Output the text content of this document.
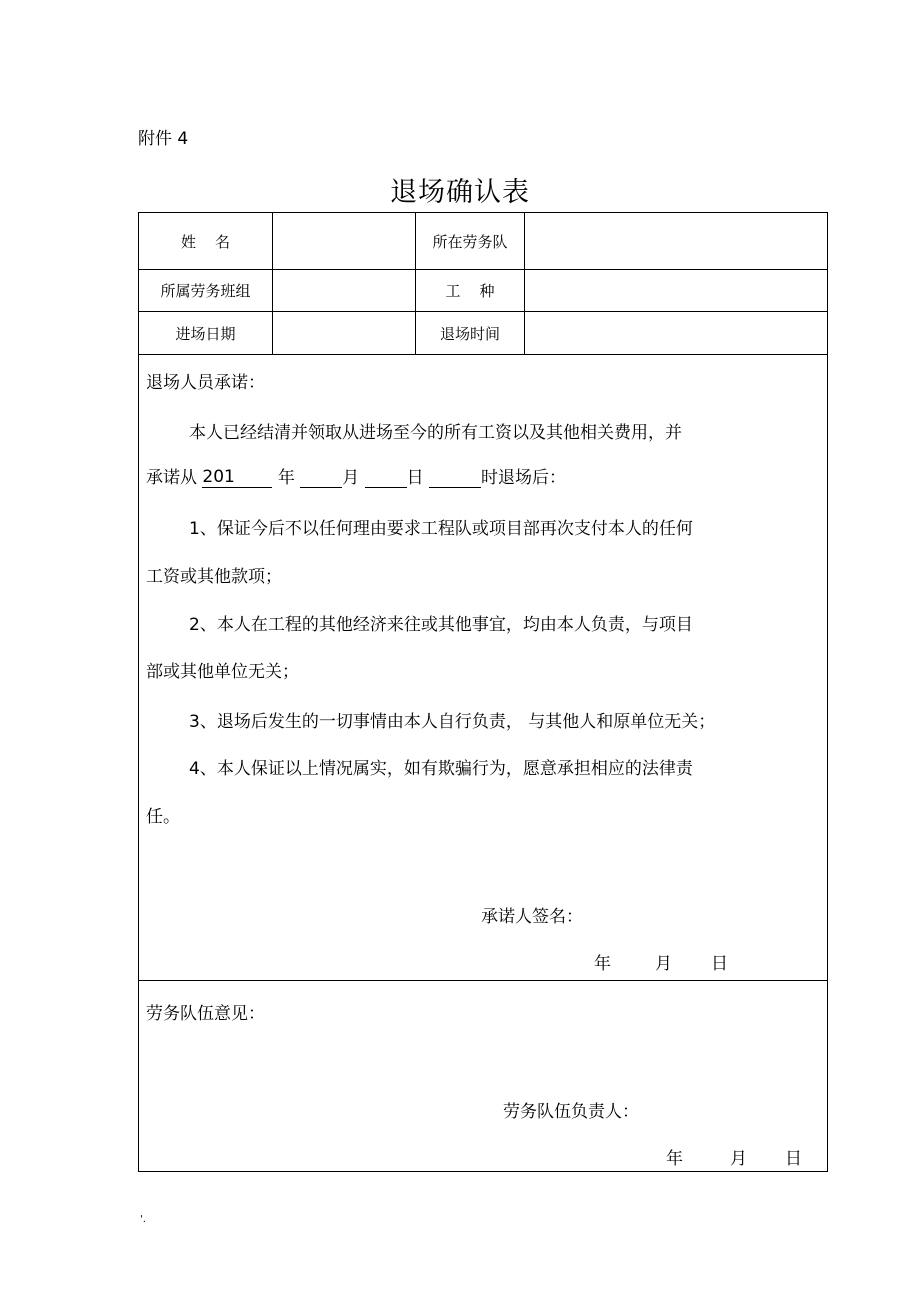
附件 4
退场确认表
姓    名	所在劳务队
所属劳务班组	工    种
进场日期	退场时间
退场人员承诺：
本人已经结清并领取从进场至今的所有工资以及其他相关费用，并
承诺从 201	年	月	日	时退场后：
1、保证今后不以任何理由要求工程队或项目部再次支付本人的任何
工资或其他款项；
2、本人在工程的其他经济来往或其他事宜，均由本人负责，与项目
部或其他单位无关；
3、退场后发生的一切事情由本人自行负责， 与其他人和原单位无关；
4、本人保证以上情况属实，如有欺骗行为，愿意承担相应的法律责
任。
承诺人签名：
年	月 日
劳务队伍意见：
劳务队伍负责人：
年	月 日
'.
